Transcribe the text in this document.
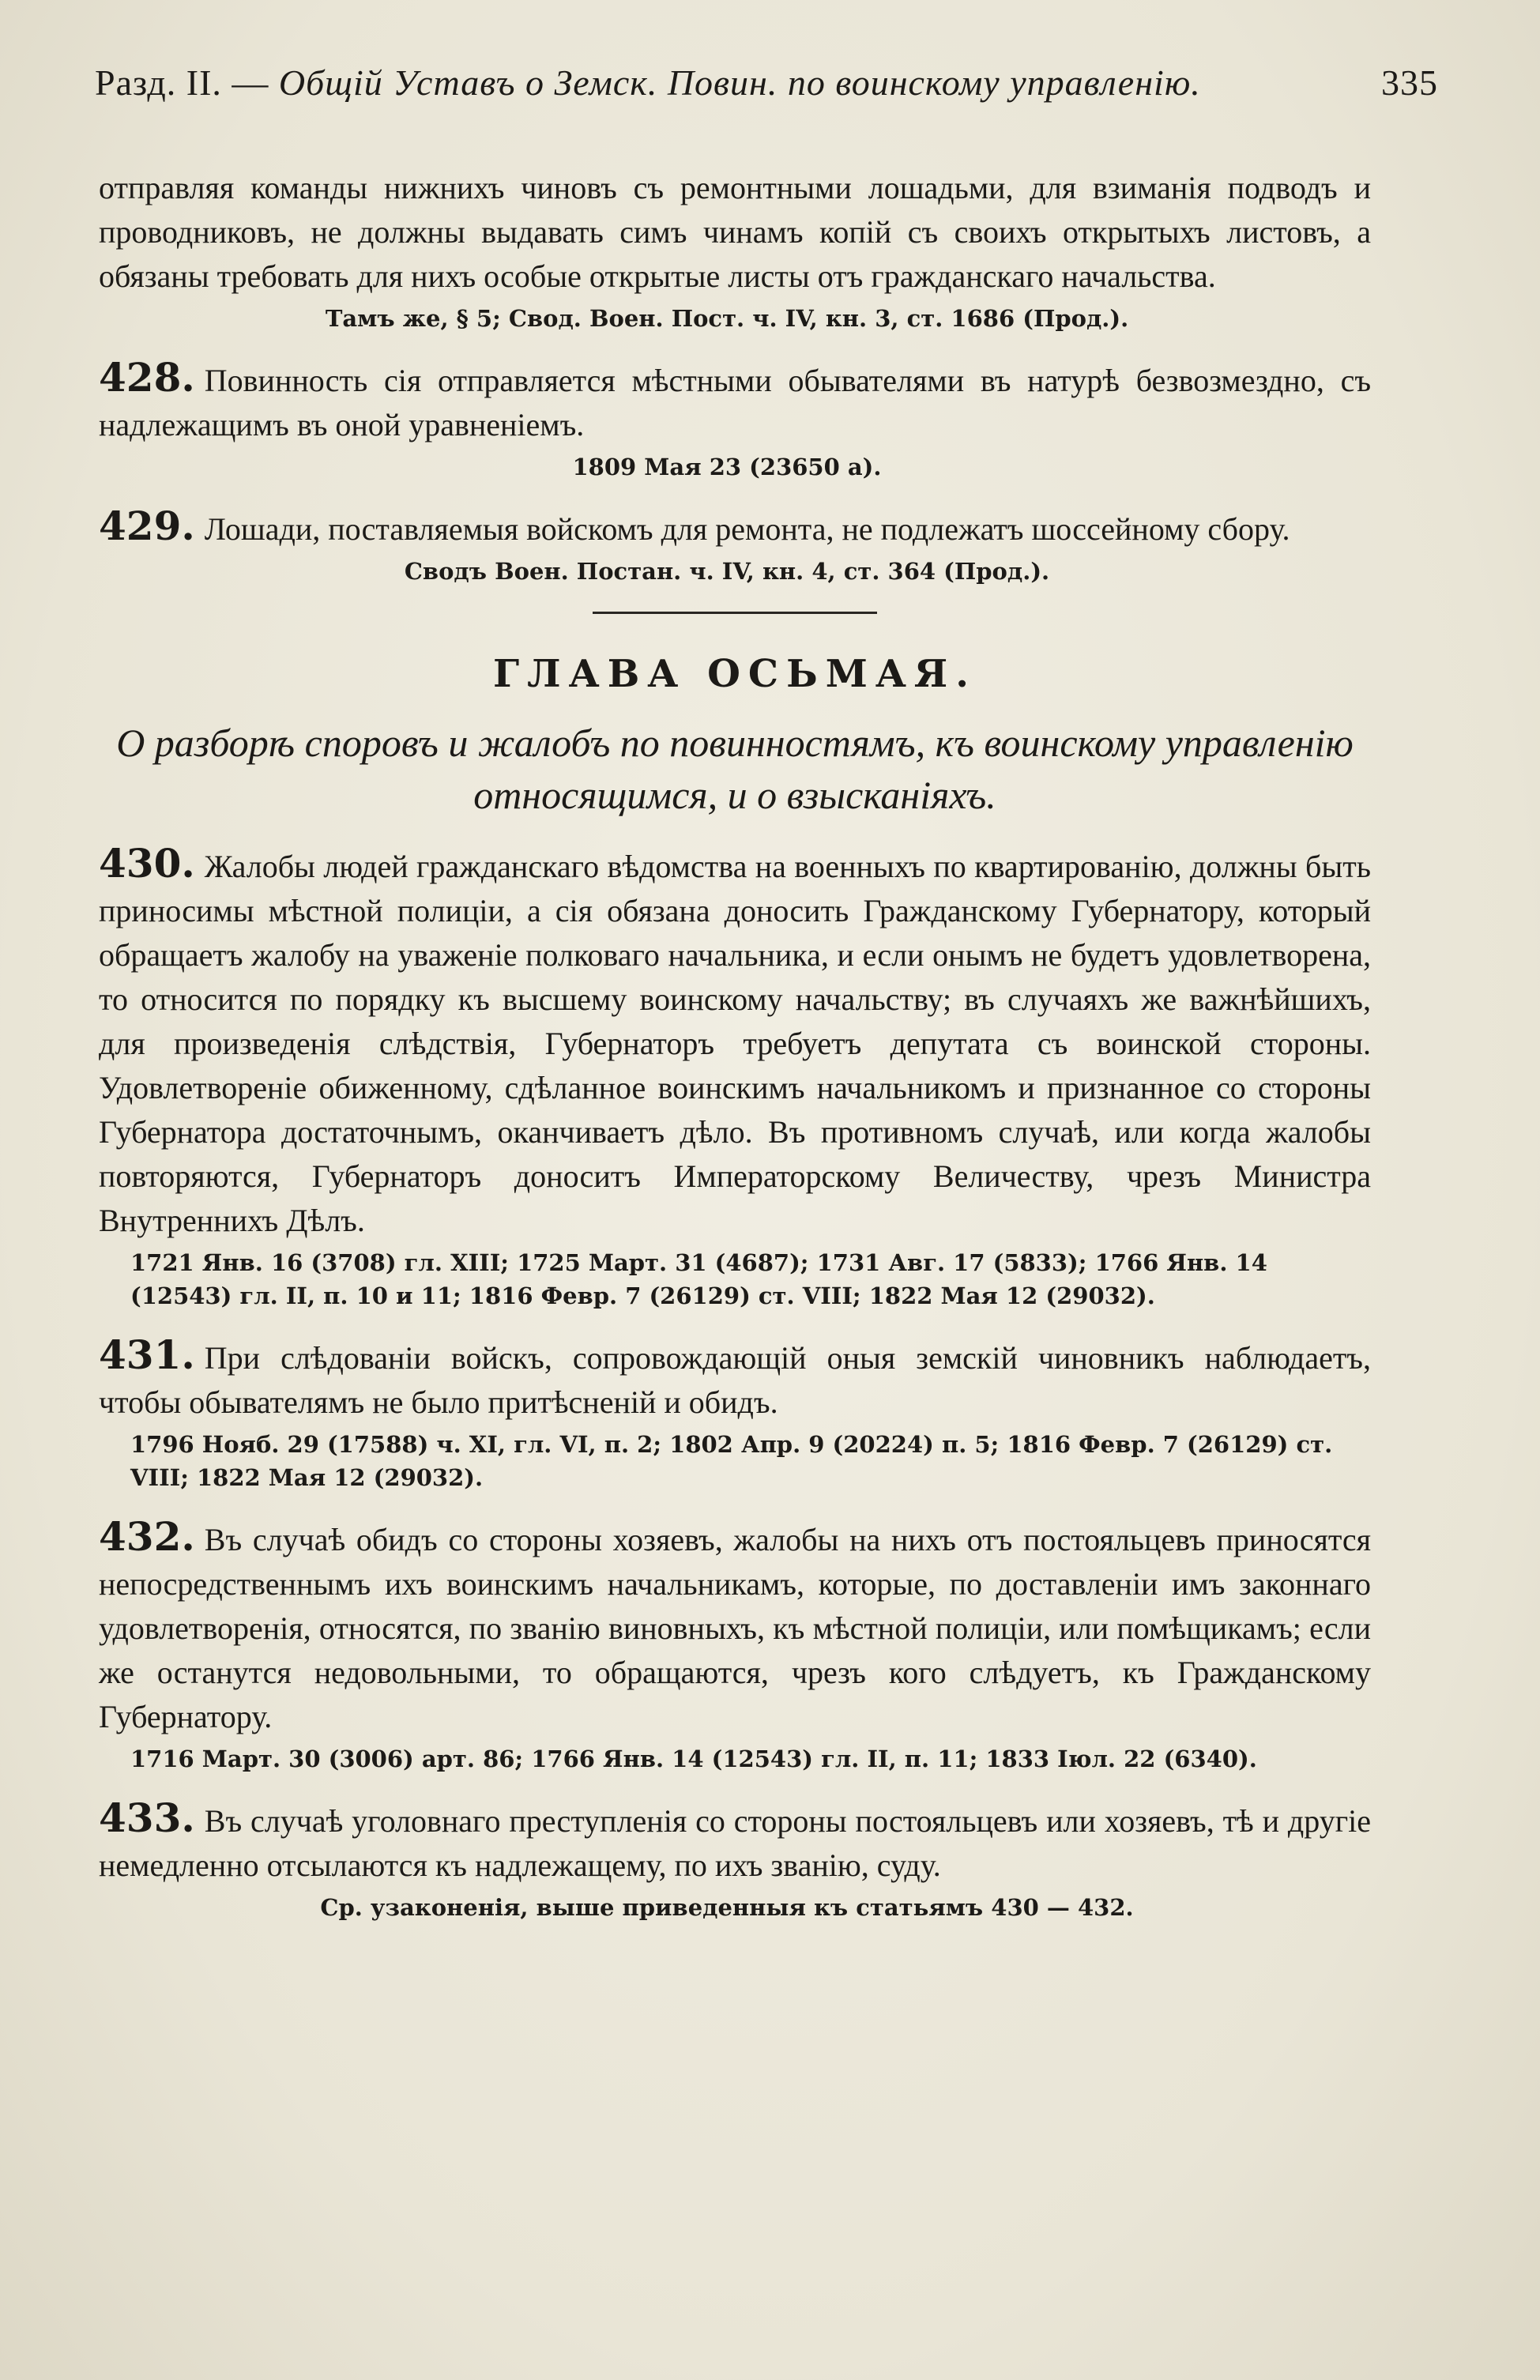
Разд. II. — Общій Уставъ о Земск. Повин. по воинскому управленію.	335

отправляя команды нижнихъ чиновъ съ ремонтными лошадьми, для взиманія подводъ и проводниковъ, не должны выдавать симъ чинамъ копій съ своихъ открытыхъ листовъ, а обязаны требовать для нихъ особые открытые листы отъ гражданскаго начальства.

Тамъ же, § 5; Свод. Воен. Пост. ч. IV, кн. 3, ст. 1686 (Прод.).

428. Повинность сія отправляется мѣстными обывателями въ натурѣ безвозмездно, съ надлежащимъ въ оной уравненіемъ.

1809 Мая 23 (23650 а).

429. Лошади, поставляемыя войскомъ для ремонта, не подлежатъ шоссейному сбору.

Сводъ Воен. Постан. ч. IV, кн. 4, ст. 364 (Прод.).

ГЛАВА ОСЬМАЯ.
О разборѣ споровъ и жалобъ по повинностямъ, къ воинскому управленію относящимся, и о взысканіяхъ.

430. Жалобы людей гражданскаго вѣдомства на военныхъ по квартированію, должны быть приносимы мѣстной полиціи, а сія обязана доносить Гражданскому Губернатору, который обращаетъ жалобу на уваженіе полковаго начальника, и если онымъ не будетъ удовлетворена, то относится по порядку къ высшему воинскому начальству; въ случаяхъ же важнѣйшихъ, для произведенія слѣдствія, Губернаторъ требуетъ депутата съ воинской стороны. Удовлетвореніе обиженному, сдѣланное воинскимъ начальникомъ и признанное со стороны Губернатора достаточнымъ, оканчиваетъ дѣло. Въ противномъ случаѣ, или когда жалобы повторяются, Губернаторъ доноситъ Императорскому Величеству, чрезъ Министра Внутреннихъ Дѣлъ.

1721 Янв. 16 (3708) гл. XIII; 1725 Март. 31 (4687); 1731 Авг. 17 (5833); 1766 Янв. 14 (12543) гл. II, п. 10 и 11; 1816 Февр. 7 (26129) ст. VIII; 1822 Мая 12 (29032).

431. При слѣдованіи войскъ, сопровождающій оныя земскій чиновникъ наблюдаетъ, чтобы обывателямъ не было притѣсненій и обидъ.

1796 Нояб. 29 (17588) ч. XI, гл. VI, п. 2; 1802 Апр. 9 (20224) п. 5; 1816 Февр. 7 (26129) ст. VIII; 1822 Мая 12 (29032).

432. Въ случаѣ обидъ со стороны хозяевъ, жалобы на нихъ отъ постояльцевъ приносятся непосредственнымъ ихъ воинскимъ начальникамъ, которые, по доставленіи имъ законнаго удовлетворенія, относятся, по званію виновныхъ, къ мѣстной полиціи, или помѣщикамъ; если же останутся недовольными, то обращаются, чрезъ кого слѣдуетъ, къ Гражданскому Губернатору.

1716 Март. 30 (3006) арт. 86; 1766 Янв. 14 (12543) гл. II, п. 11; 1833 Іюл. 22 (6340).

433. Въ случаѣ уголовнаго преступленія со стороны постояльцевъ или хозяевъ, тѣ и другіе немедленно отсылаются къ надлежащему, по ихъ званію, суду.

Ср. узаконенія, выше приведенныя къ статьямъ 430 — 432.
